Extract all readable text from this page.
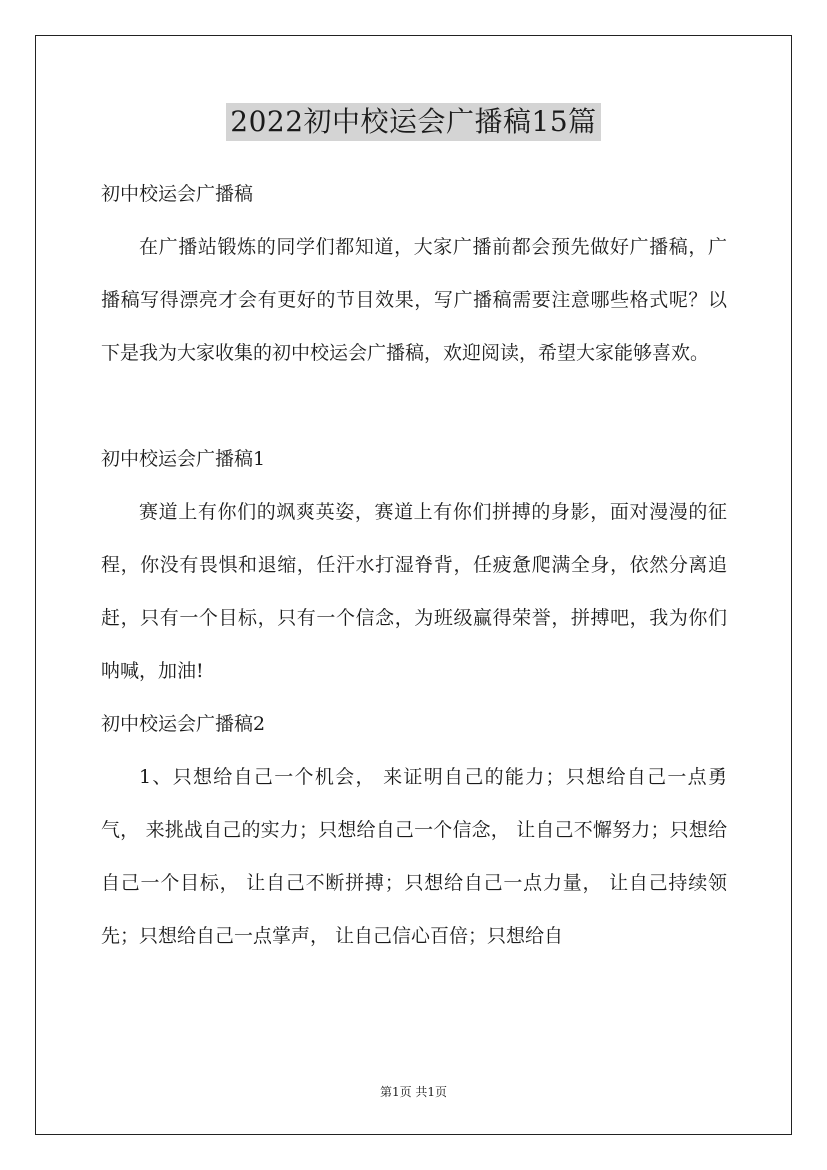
2022初中校运会广播稿15篇

初中校运会广播稿

在广播站锻炼的同学们都知道，大家广播前都会预先做好广播稿，广播稿写得漂亮才会有更好的节目效果，写广播稿需要注意哪些格式呢？以下是我为大家收集的初中校运会广播稿，欢迎阅读，希望大家能够喜欢。

初中校运会广播稿1

赛道上有你们的飒爽英姿，赛道上有你们拼搏的身影，面对漫漫的征程，你没有畏惧和退缩，任汗水打湿脊背，任疲惫爬满全身，依然分离追赶，只有一个目标，只有一个信念，为班级赢得荣誉，拼搏吧，我为你们呐喊，加油!

初中校运会广播稿2

1、只想给自己一个机会， 来证明自己的能力；只想给自己一点勇气， 来挑战自己的实力；只想给自己一个信念， 让自己不懈努力；只想给自己一个目标， 让自己不断拼搏；只想给自己一点力量， 让自己持续领先；只想给自己一点掌声， 让自己信心百倍；只想给自

第1页 共1页
